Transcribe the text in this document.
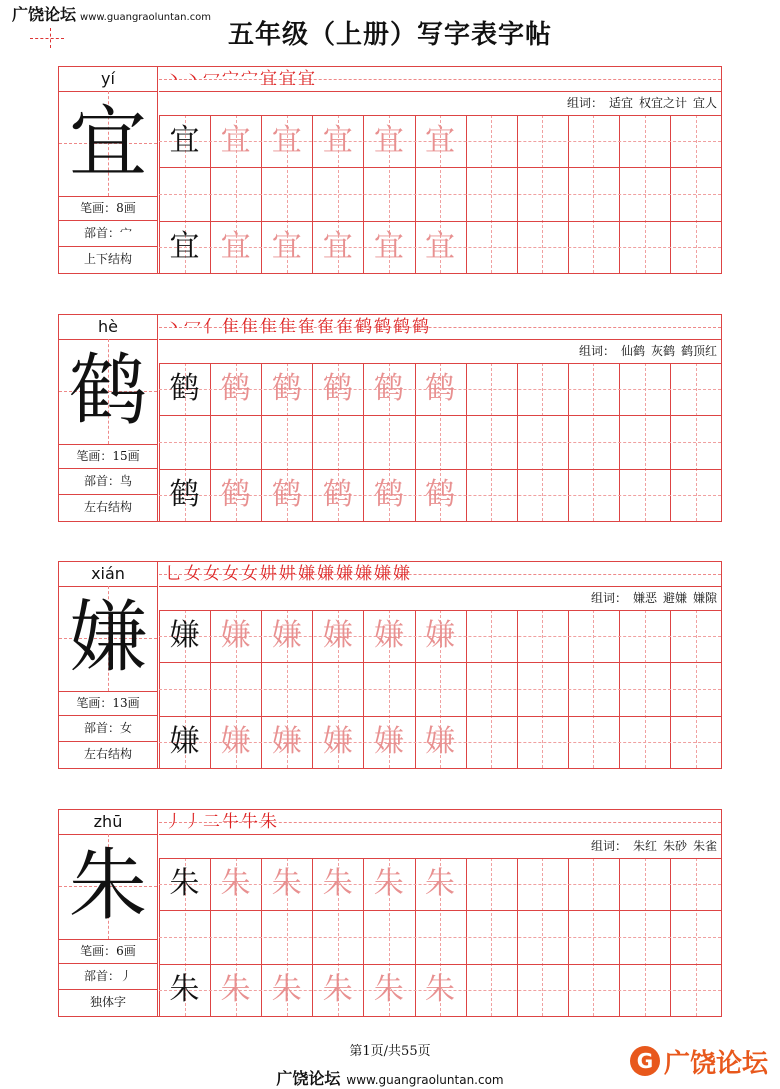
广饶论坛 www.guangraoluntan.com
五年级（上册）写字表字帖
yí
宜
笔画：8画
部首：宀
上下结构
丶 丶 冖 宀 宀 宜 宜 宜
组词： 适宜 权宜之计 宜人
宜 宜 宜 宜 宜 宜
宜 宜 宜 宜 宜 宜
hè
鹤
笔画：15画
部首：鸟
左右结构
丶 冖 亻 隹 隹 隹 隹 隺 隺 隺 鹤 鹤 鹤 鹤
组词： 仙鹤 灰鹤 鹤顶红
鹤 鹤 鹤 鹤 鹤 鹤
鹤 鹤 鹤 鹤 鹤 鹤
xián
嫌
笔画：13画
部首：女
左右结构
乚 女 女 女 女 妌 妌 嫌 嫌 嫌 嫌 嫌 嫌
组词： 嫌恶 避嫌 嫌隙
嫌 嫌 嫌 嫌 嫌 嫌
嫌 嫌 嫌 嫌 嫌 嫌
zhū
朱
笔画：6画
部首：丿
独体字
丿 丿 二 牛 牛 朱
组词： 朱红 朱砂 朱雀
朱 朱 朱 朱 朱 朱
朱 朱 朱 朱 朱 朱
第1页/共55页
广饶论坛 www.guangraoluntan.com
G 广饶论坛
